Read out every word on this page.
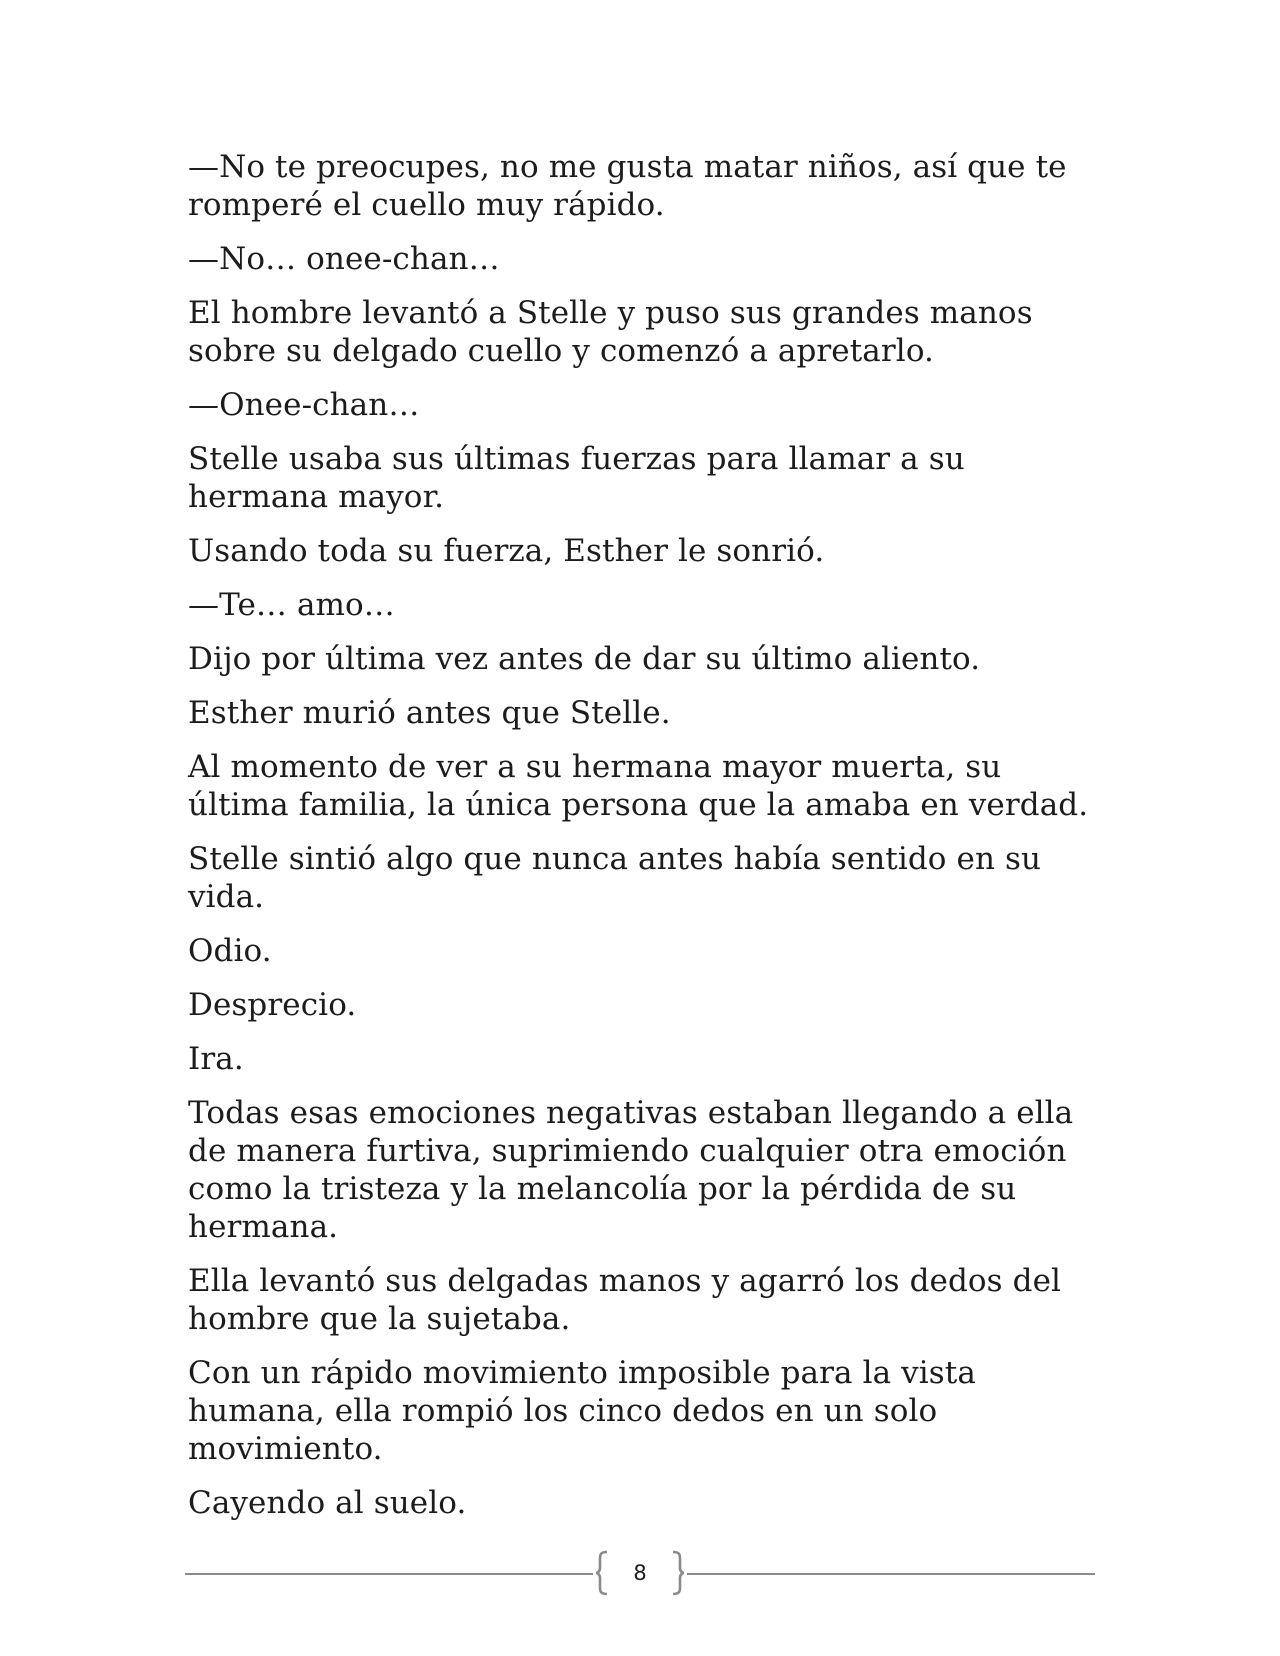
—No te preocupes, no me gusta matar niños, así que te romperé el cuello muy rápido.

—No… onee-chan…

El hombre levantó a Stelle y puso sus grandes manos sobre su delgado cuello y comenzó a apretarlo.

—Onee-chan…

Stelle usaba sus últimas fuerzas para llamar a su hermana mayor.

Usando toda su fuerza, Esther le sonrió.

—Te… amo…

Dijo por última vez antes de dar su último aliento.

Esther murió antes que Stelle.

Al momento de ver a su hermana mayor muerta, su última familia, la única persona que la amaba en verdad.

Stelle sintió algo que nunca antes había sentido en su vida.

Odio.

Desprecio.

Ira.

Todas esas emociones negativas estaban llegando a ella de manera furtiva, suprimiendo cualquier otra emoción como la tristeza y la melancolía por la pérdida de su hermana.

Ella levantó sus delgadas manos y agarró los dedos del hombre que la sujetaba.

Con un rápido movimiento imposible para la vista humana, ella rompió los cinco dedos en un solo movimiento.

Cayendo al suelo.

8
